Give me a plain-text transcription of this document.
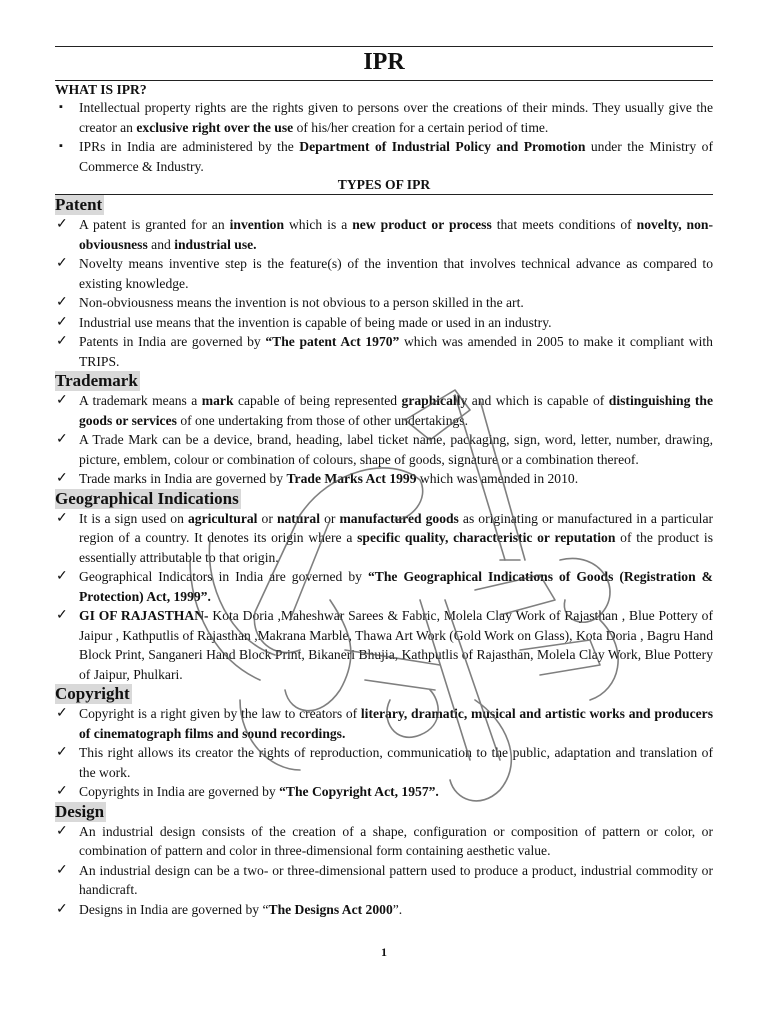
IPR
WHAT IS IPR?
▪ Intellectual property rights are the rights given to persons over the creations of their minds. They usually give the creator an exclusive right over the use of his/her creation for a certain period of time.
▪ IPRs in India are administered by the Department of Industrial Policy and Promotion under the Ministry of Commerce & Industry.
TYPES OF IPR
Patent
✓ A patent is granted for an invention which is a new product or process that meets conditions of novelty, non-obviousness and industrial use.
✓ Novelty means inventive step is the feature(s) of the invention that involves technical advance as compared to existing knowledge.
✓ Non-obviousness means the invention is not obvious to a person skilled in the art.
✓ Industrial use means that the invention is capable of being made or used in an industry.
✓ Patents in India are governed by “The patent Act 1970” which was amended in 2005 to make it compliant with TRIPS.
Trademark
✓ A trademark means a mark capable of being represented graphically and which is capable of distinguishing the goods or services of one undertaking from those of other undertakings.
✓ A Trade Mark can be a device, brand, heading, label ticket name, packaging, sign, word, letter, number, drawing, picture, emblem, colour or combination of colours, shape of goods, signature or a combination thereof.
✓ Trade marks in India are governed by Trade Marks Act 1999 which was amended in 2010.
Geographical Indications
✓ It is a sign used on agricultural or natural or manufactured goods as originating or manufactured in a particular region of a country. It denotes its origin where a specific quality, characteristic or reputation of the product is essentially attributable to that origin.
✓ Geographical Indicators in India are governed by “The Geographical Indications of Goods (Registration & Protection) Act, 1999”.
✓ GI OF RAJASTHAN- Kota Doria ,Maheshwar Sarees & Fabric, Molela Clay Work of Rajasthan , Blue Pottery of Jaipur , Kathputlis of Rajasthan ,Makrana Marble, Thawa Art Work (Gold Work on Glass), Kota Doria , Bagru Hand Block Print, Sanganeri Hand Block Print, Bikaneri Bhujia, Kathputlis of Rajasthan, Molela Clay Work, Blue Pottery of Jaipur, Phulkari.
Copyright
✓ Copyright is a right given by the law to creators of literary, dramatic, musical and artistic works and producers of cinematograph films and sound recordings.
✓ This right allows its creator the rights of reproduction, communication to the public, adaptation and translation of the work.
✓ Copyrights in India are governed by “The Copyright Act, 1957”.
Design
✓ An industrial design consists of the creation of a shape, configuration or composition of pattern or color, or combination of pattern and color in three-dimensional form containing aesthetic value.
✓ An industrial design can be a two- or three-dimensional pattern used to produce a product, industrial commodity or handicraft.
✓ Designs in India are governed by “The Designs Act 2000”.
1
